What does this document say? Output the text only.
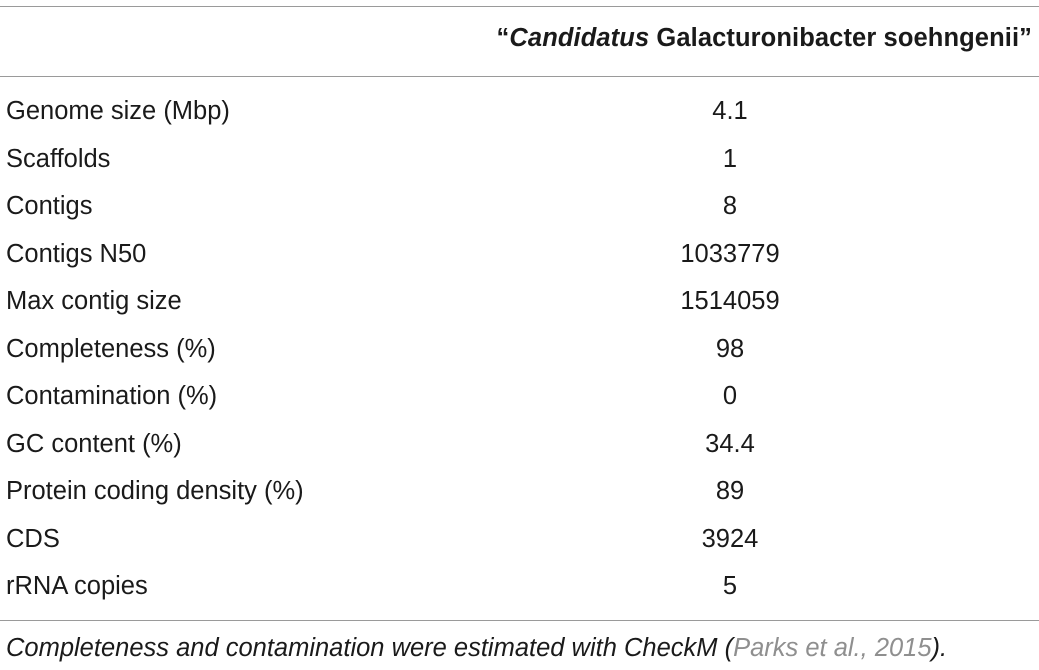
“Candidatus Galacturonibacter soehngenii”
Genome size (Mbp)	4.1
Scaffolds	1
Contigs	8
Contigs N50	1033779
Max contig size	1514059
Completeness (%)	98
Contamination (%)	0
GC content (%)	34.4
Protein coding density (%)	89
CDS	3924
rRNA copies	5
Completeness and contamination were estimated with CheckM (Parks et al., 2015).
